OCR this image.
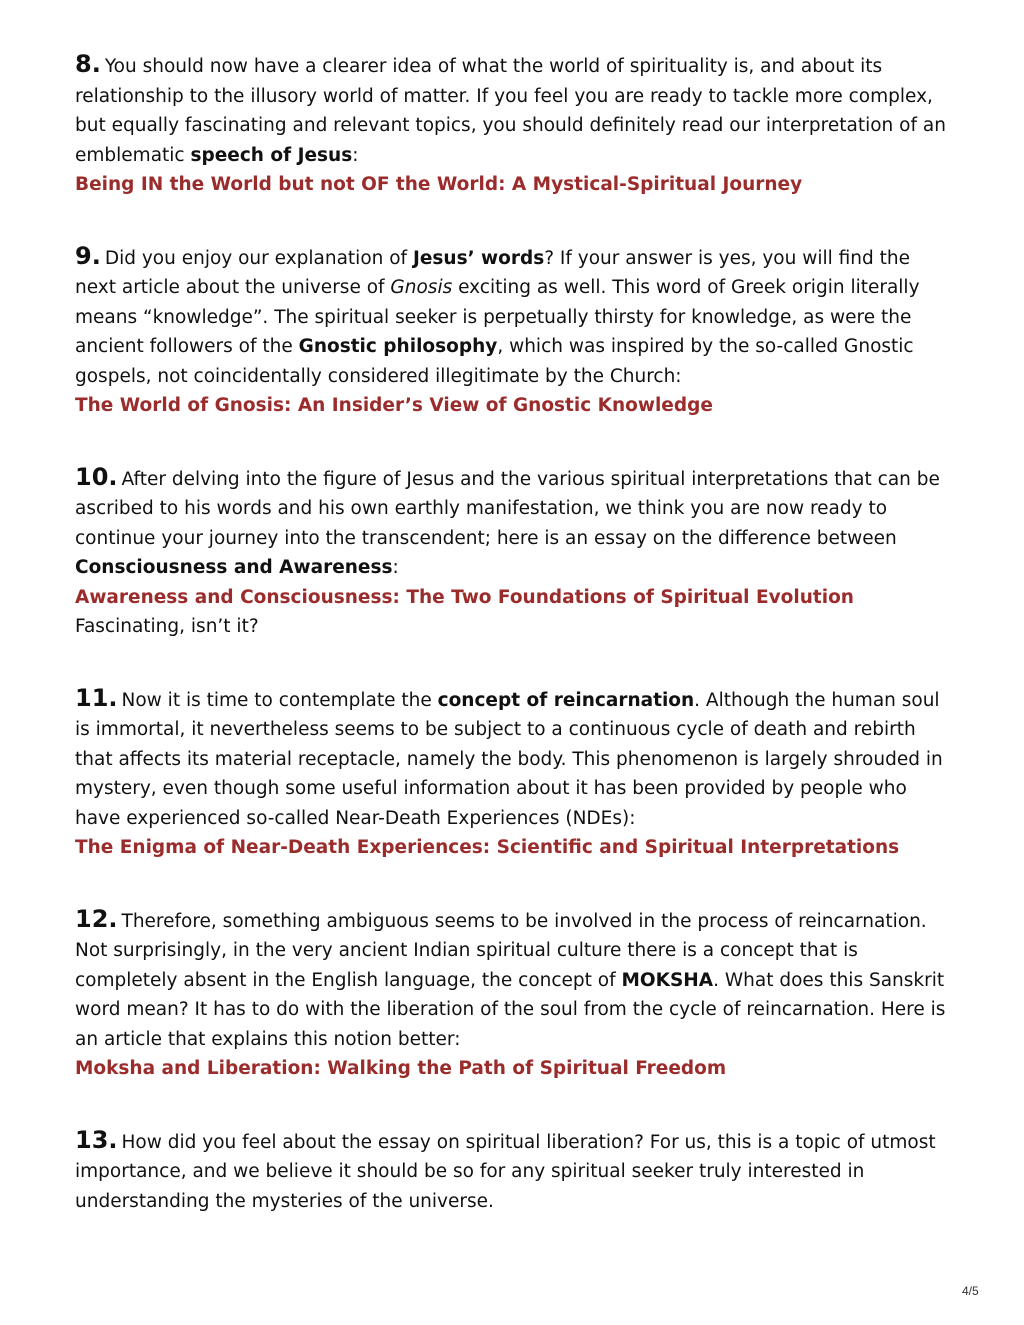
8. You should now have a clearer idea of what the world of spirituality is, and about its relationship to the illusory world of matter. If you feel you are ready to tackle more complex, but equally fascinating and relevant topics, you should definitely read our interpretation of an emblematic speech of Jesus:

Being IN the World but not OF the World: A Mystical-Spiritual Journey

9. Did you enjoy our explanation of Jesus’ words? If your answer is yes, you will find the next article about the universe of Gnosis exciting as well. This word of Greek origin literally means “knowledge”. The spiritual seeker is perpetually thirsty for knowledge, as were the ancient followers of the Gnostic philosophy, which was inspired by the so-called Gnostic gospels, not coincidentally considered illegitimate by the Church:

The World of Gnosis: An Insider’s View of Gnostic Knowledge

10. After delving into the figure of Jesus and the various spiritual interpretations that can be ascribed to his words and his own earthly manifestation, we think you are now ready to continue your journey into the transcendent; here is an essay on the difference between Consciousness and Awareness:

Awareness and Consciousness: The Two Foundations of Spiritual Evolution
Fascinating, isn’t it?

11. Now it is time to contemplate the concept of reincarnation. Although the human soul is immortal, it nevertheless seems to be subject to a continuous cycle of death and rebirth that affects its material receptacle, namely the body. This phenomenon is largely shrouded in mystery, even though some useful information about it has been provided by people who have experienced so-called Near-Death Experiences (NDEs):

The Enigma of Near-Death Experiences: Scientific and Spiritual Interpretations

12. Therefore, something ambiguous seems to be involved in the process of reincarnation. Not surprisingly, in the very ancient Indian spiritual culture there is a concept that is completely absent in the English language, the concept of MOKSHA. What does this Sanskrit word mean? It has to do with the liberation of the soul from the cycle of reincarnation. Here is an article that explains this notion better:

Moksha and Liberation: Walking the Path of Spiritual Freedom

13. How did you feel about the essay on spiritual liberation? For us, this is a topic of utmost importance, and we believe it should be so for any spiritual seeker truly interested in understanding the mysteries of the universe.

4/5
